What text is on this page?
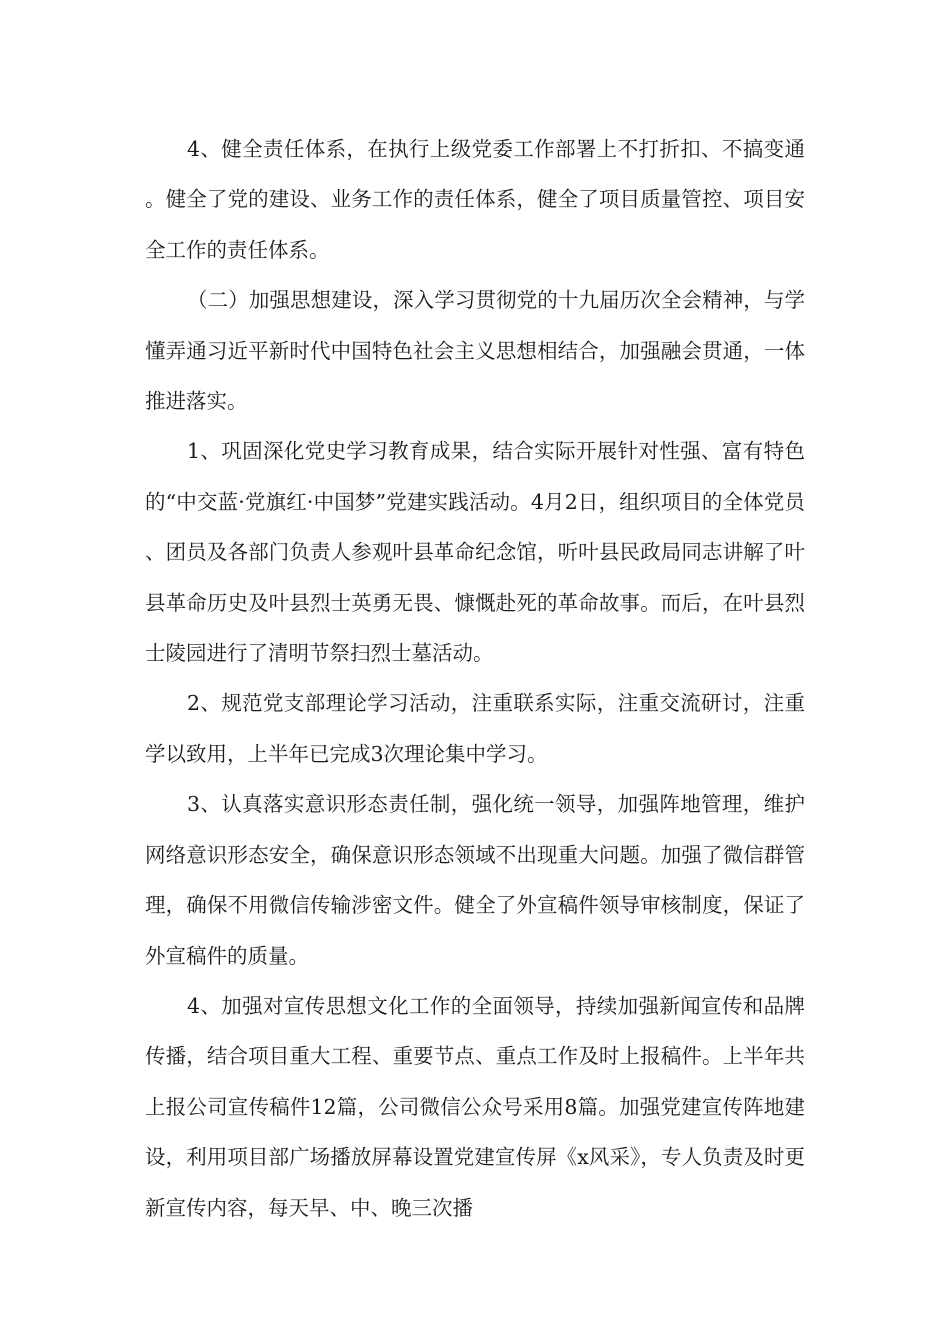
4、健全责任体系，在执行上级党委工作部署上不打折扣、不搞变通。健全了党的建设、业务工作的责任体系，健全了项目质量管控、项目安全工作的责任体系。

（二）加强思想建设，深入学习贯彻党的十九届历次全会精神，与学懂弄通习近平新时代中国特色社会主义思想相结合，加强融会贯通，一体推进落实。

1、巩固深化党史学习教育成果，结合实际开展针对性强、富有特色的“中交蓝·党旗红·中国梦”党建实践活动。4月2日，组织项目的全体党员、团员及各部门负责人参观叶县革命纪念馆，听叶县民政局同志讲解了叶县革命历史及叶县烈士英勇无畏、慷慨赴死的革命故事。而后，在叶县烈士陵园进行了清明节祭扫烈士墓活动。

2、规范党支部理论学习活动，注重联系实际，注重交流研讨，注重学以致用，上半年已完成3次理论集中学习。

3、认真落实意识形态责任制，强化统一领导，加强阵地管理，维护网络意识形态安全，确保意识形态领域不出现重大问题。加强了微信群管理，确保不用微信传输涉密文件。健全了外宣稿件领导审核制度，保证了外宣稿件的质量。

4、加强对宣传思想文化工作的全面领导，持续加强新闻宣传和品牌传播，结合项目重大工程、重要节点、重点工作及时上报稿件。上半年共上报公司宣传稿件12篇，公司微信公众号采用8篇。加强党建宣传阵地建设，利用项目部广场播放屏幕设置党建宣传屏《x风采》，专人负责及时更新宣传内容，每天早、中、晚三次播
